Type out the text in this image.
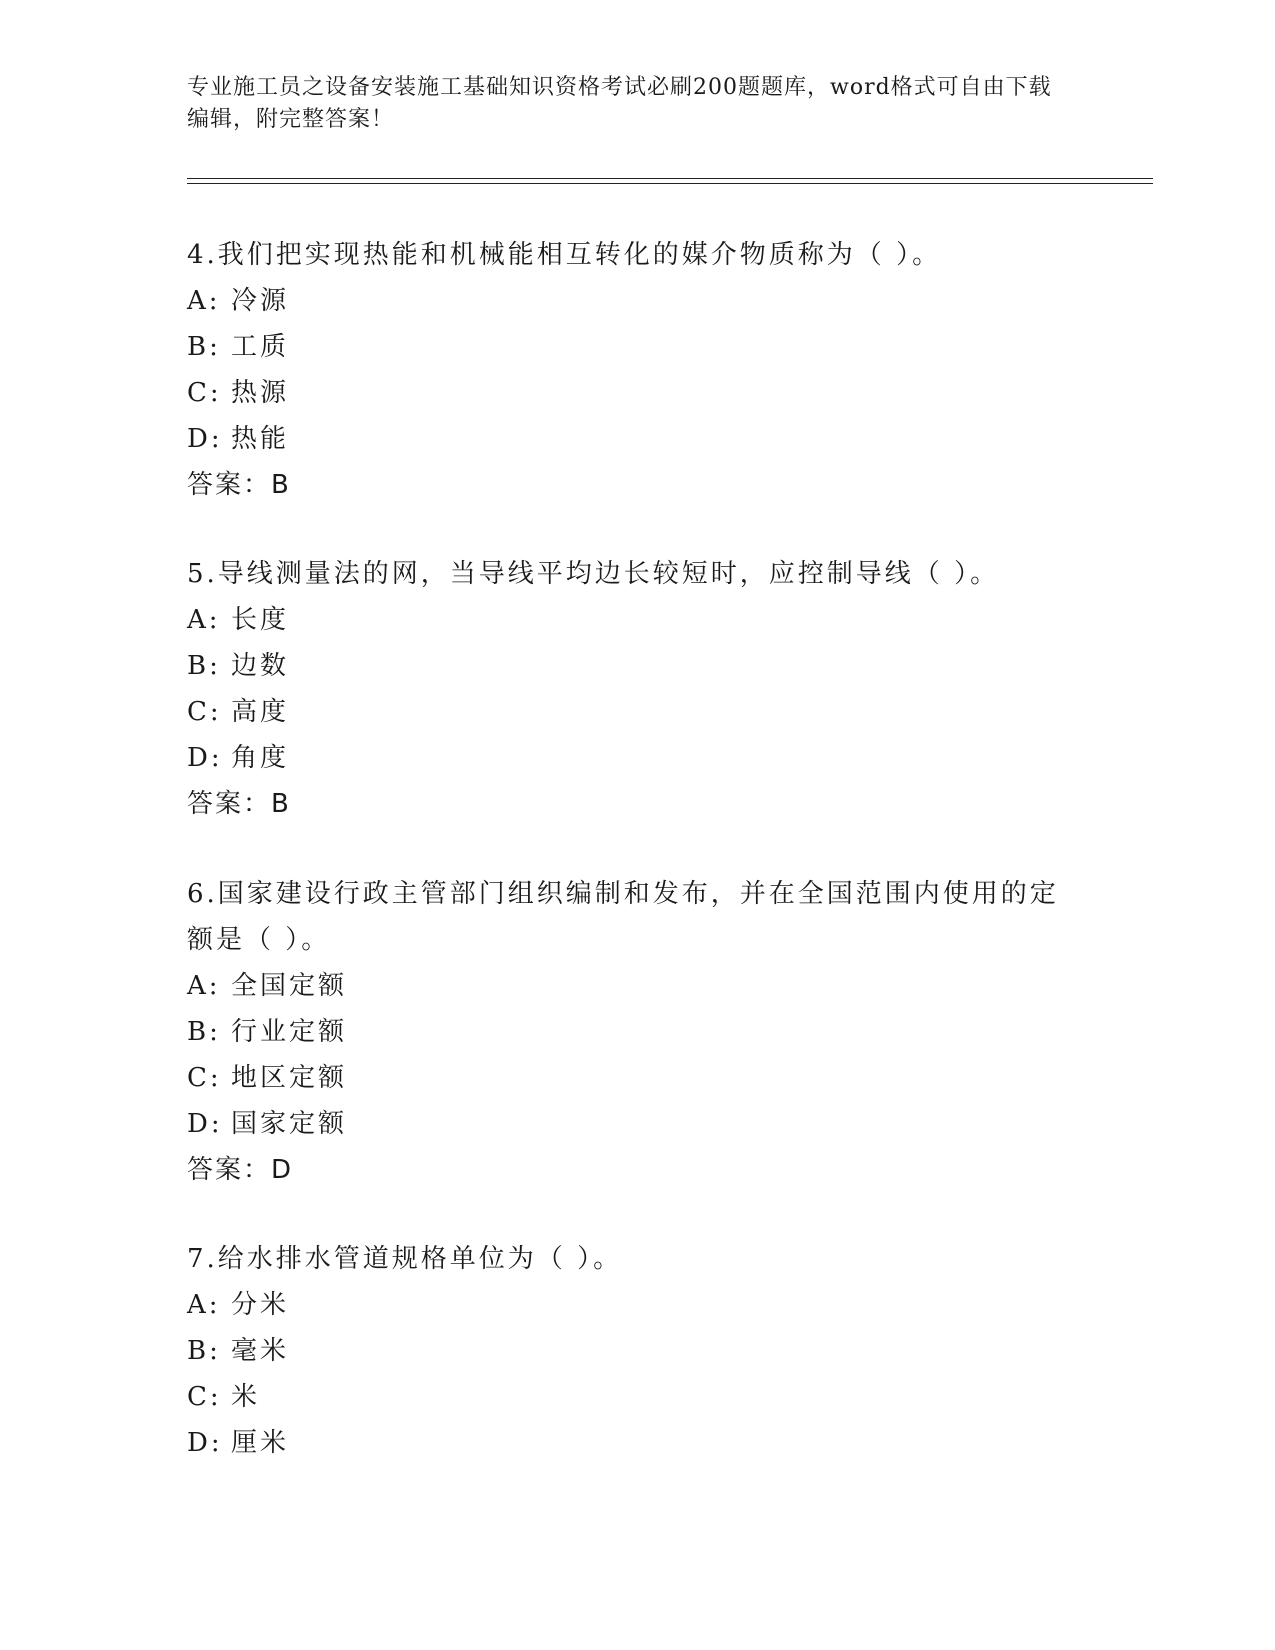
专业施工员之设备安装施工基础知识资格考试必刷200题题库，word格式可自由下载编辑，附完整答案！
4.我们把实现热能和机械能相互转化的媒介物质称为（ ）。
A: 冷源
B: 工质
C: 热源
D: 热能
答案：B
5.导线测量法的网，当导线平均边长较短时，应控制导线（ ）。
A: 长度
B: 边数
C: 高度
D: 角度
答案：B
6.国家建设行政主管部门组织编制和发布，并在全国范围内使用的定额是（ ）。
A: 全国定额
B: 行业定额
C: 地区定额
D: 国家定额
答案：D
7.给水排水管道规格单位为（ ）。
A: 分米
B: 毫米
C: 米
D: 厘米
